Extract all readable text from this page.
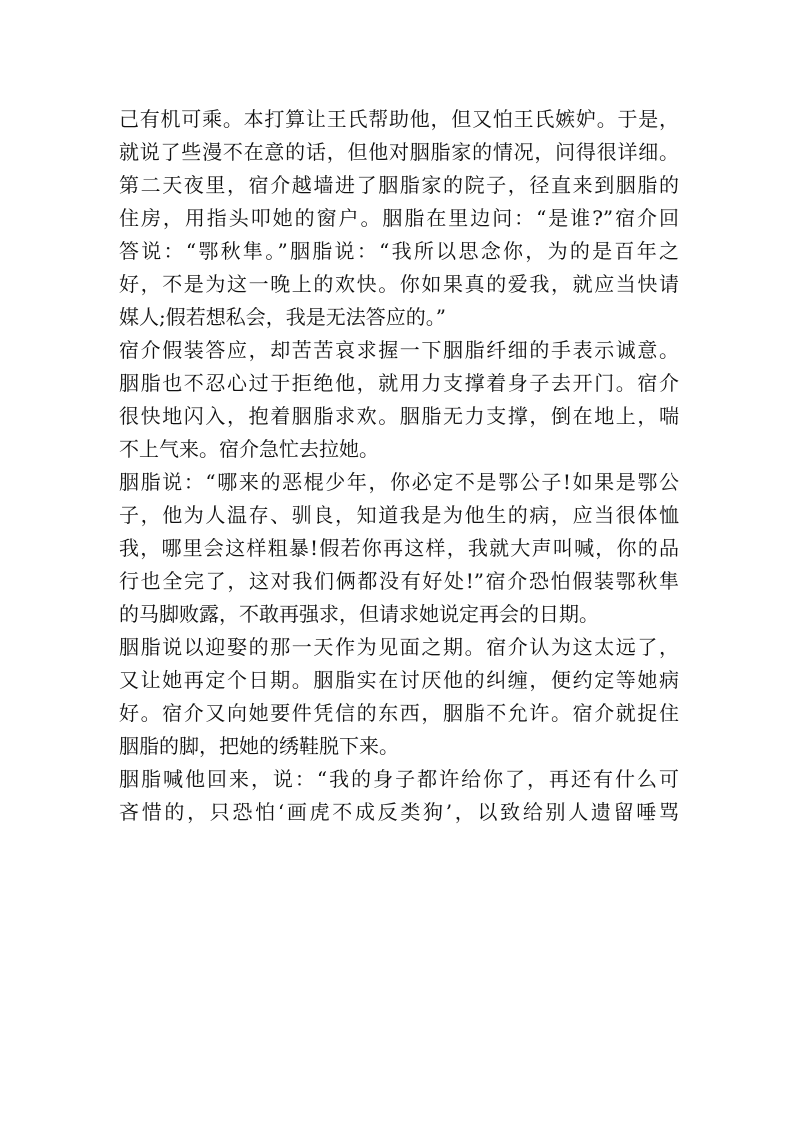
己有机可乘。本打算让王氏帮助他，但又怕王氏嫉妒。于是，
就说了些漫不在意的话，但他对胭脂家的情况，问得很详细。
第二天夜里，宿介越墙进了胭脂家的院子，径直来到胭脂的
住房，用指头叩她的窗户。胭脂在里边问：“是谁?”宿介回
答说：“鄂秋隼。”胭脂说：“我所以思念你，为的是百年之
好，不是为这一晚上的欢快。你如果真的爱我，就应当快请
媒人;假若想私会，我是无法答应的。”
宿介假装答应，却苦苦哀求握一下胭脂纤细的手表示诚意。
胭脂也不忍心过于拒绝他，就用力支撑着身子去开门。宿介
很快地闪入，抱着胭脂求欢。胭脂无力支撑，倒在地上，喘
不上气来。宿介急忙去拉她。
胭脂说：“哪来的恶棍少年，你必定不是鄂公子!如果是鄂公
子，他为人温存、驯良，知道我是为他生的病，应当很体恤
我，哪里会这样粗暴!假若你再这样，我就大声叫喊，你的品
行也全完了，这对我们俩都没有好处!”宿介恐怕假装鄂秋隼
的马脚败露，不敢再强求，但请求她说定再会的日期。
胭脂说以迎娶的那一天作为见面之期。宿介认为这太远了，
又让她再定个日期。胭脂实在讨厌他的纠缠，便约定等她病
好。宿介又向她要件凭信的东西，胭脂不允许。宿介就捉住
胭脂的脚，把她的绣鞋脱下来。
胭脂喊他回来，说：“我的身子都许给你了，再还有什么可
吝惜的，只恐怕‘画虎不成反类狗’，以致给别人遗留唾骂
